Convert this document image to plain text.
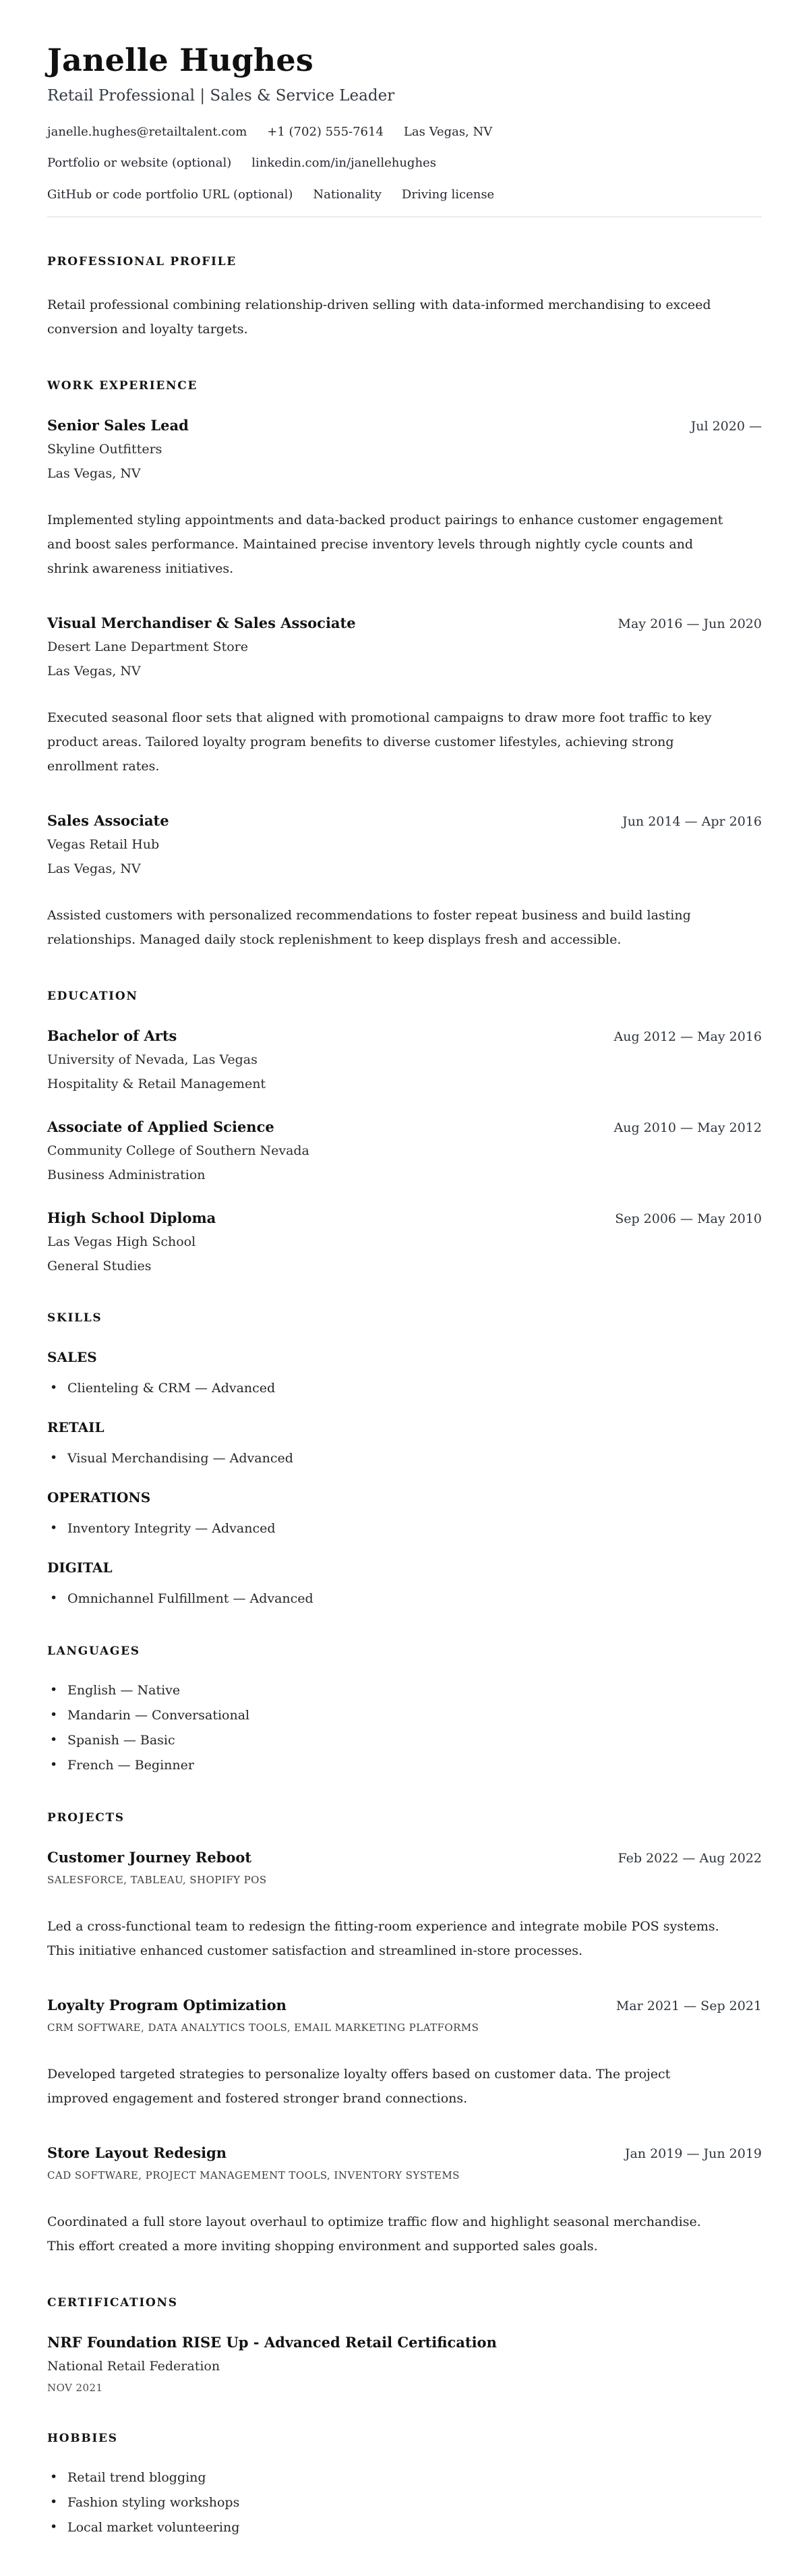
Janelle Hughes
Retail Professional | Sales & Service Leader
janelle.hughes@retailtalent.com +1 (702) 555-7614 Las Vegas, NV
Portfolio or website (optional) linkedin.com/in/janellehughes
GitHub or code portfolio URL (optional) Nationality Driving license
PROFESSIONAL PROFILE

Retail professional combining relationship-driven selling with data-informed merchandising to exceed conversion and loyalty targets.

WORK EXPERIENCE
Senior Sales Lead	Jul 2020 —
Skyline Outfitters
Las Vegas, NV

Implemented styling appointments and data-backed product pairings to enhance customer engagement and boost sales performance. Maintained precise inventory levels through nightly cycle counts and shrink awareness initiatives.

Visual Merchandiser & Sales Associate	May 2016 — Jun 2020
Desert Lane Department Store
Las Vegas, NV

Executed seasonal floor sets that aligned with promotional campaigns to draw more foot traffic to key product areas. Tailored loyalty program benefits to diverse customer lifestyles, achieving strong enrollment rates.

Sales Associate	Jun 2014 — Apr 2016
Vegas Retail Hub
Las Vegas, NV

Assisted customers with personalized recommendations to foster repeat business and build lasting relationships. Managed daily stock replenishment to keep displays fresh and accessible.

EDUCATION
Bachelor of Arts	Aug 2012 — May 2016
University of Nevada, Las Vegas
Hospitality & Retail Management
Associate of Applied Science	Aug 2010 — May 2012
Community College of Southern Nevada
Business Administration
High School Diploma	Sep 2006 — May 2010
Las Vegas High School
General Studies
SKILLS
SALES
• Clienteling & CRM — Advanced
RETAIL
• Visual Merchandising — Advanced
OPERATIONS
• Inventory Integrity — Advanced
DIGITAL
• Omnichannel Fulfillment — Advanced
LANGUAGES
• English — Native
• Mandarin — Conversational
• Spanish — Basic
• French — Beginner
PROJECTS
Customer Journey Reboot	Feb 2022 — Aug 2022
SALESFORCE, TABLEAU, SHOPIFY POS

Led a cross-functional team to redesign the fitting-room experience and integrate mobile POS systems. This initiative enhanced customer satisfaction and streamlined in-store processes.

Loyalty Program Optimization	Mar 2021 — Sep 2021
CRM SOFTWARE, DATA ANALYTICS TOOLS, EMAIL MARKETING PLATFORMS

Developed targeted strategies to personalize loyalty offers based on customer data. The project improved engagement and fostered stronger brand connections.

Store Layout Redesign	Jan 2019 — Jun 2019
CAD SOFTWARE, PROJECT MANAGEMENT TOOLS, INVENTORY SYSTEMS

Coordinated a full store layout overhaul to optimize traffic flow and highlight seasonal merchandise. This effort created a more inviting shopping environment and supported sales goals.

CERTIFICATIONS
NRF Foundation RISE Up - Advanced Retail Certification
National Retail Federation
NOV 2021
HOBBIES
• Retail trend blogging
• Fashion styling workshops
• Local market volunteering
